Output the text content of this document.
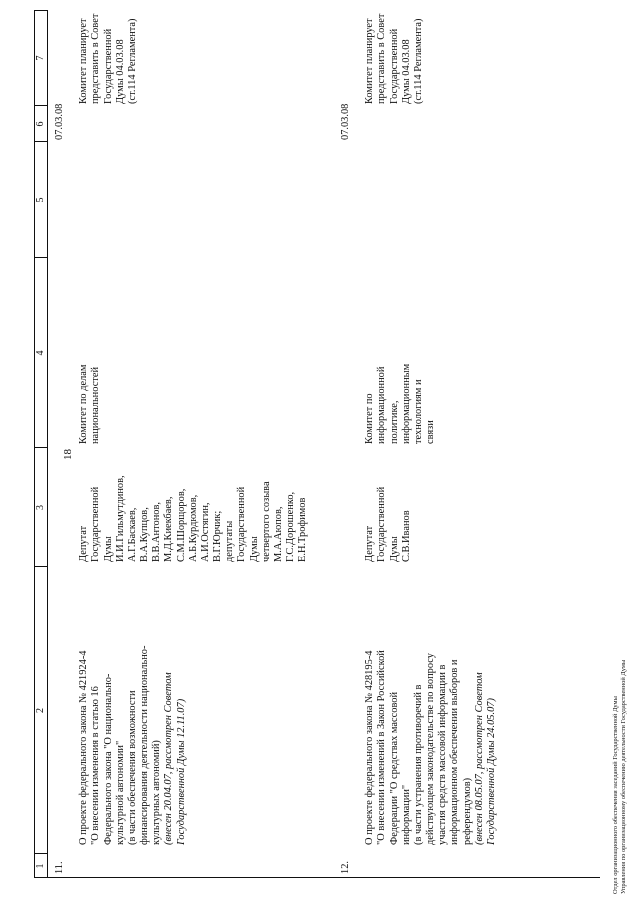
18
1
2
3
4
5
6
7
11.

О проекте федерального закона № 421924-4 "О внесении изменения в статью 16 Федерального закона "О национально- культурной автономии" (в части обеспечения возможности финансирования деятельности национально- культурных автономий) (внесен 20.04.07, рассмотрен Советом Государственной Думы 12.11.07)

Депутат Государственной Думы И.И.Гильмутдинов, А.Г.Баскаев, В.А.Купцов, В.В.Антонов, М.Д.Киекбаев, С.М.Шорщоров, А.Б.Курдюмов, А.И.Остягин, В.Г.Юрчик; депутаты Государственной Думы четвертого созыва М.А.Аюпов, Г.С.Дорошенко, Е.Н.Трофимов

Комитет по делам национальностей

07.03.08

Комитет планирует представить в Совет Государственной Думы 04.03.08 (ст.114 Регламента)

12.

О проекте федерального закона № 428195-4 "О внесении изменений в Закон Российской Федерации "О средствах массовой информации" (в части устранения противоречий в действующем законодательстве по вопросу участия средств массовой информации в информационном обеспечении выборов и референдумов) (внесен 08.05.07, рассмотрен Советом Государственной Думы 24.05.07)

Депутат Государственной Думы С.В.Иванов

Комитет по информационной политике, информационным технологиям и связи

07.03.08

Комитет планирует представить в Совет Государственной Думы 04.03.08 (ст.114 Регламента)

Отдел организационного обеспечения заседаний Государственной Думы Управления по организационному обеспечению деятельности Государственной Думы
